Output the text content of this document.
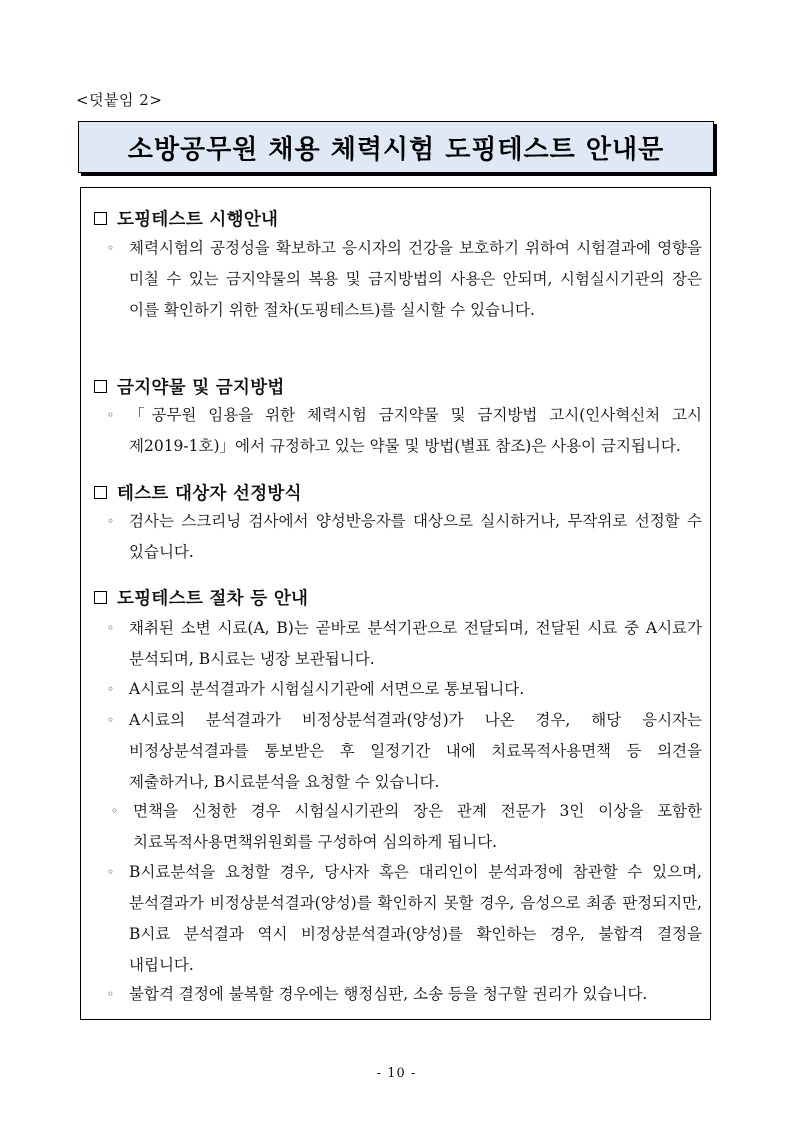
<덧붙임 2>
소방공무원 채용 체력시험 도핑테스트 안내문
도핑테스트 시행안내
◦ 체력시험의 공정성을 확보하고 응시자의 건강을 보호하기 위하여 시험결과에 영향을 미칠 수 있는 금지약물의 복용 및 금지방법의 사용은 안되며, 시험실시기관의 장은 이를 확인하기 위한 절차(도핑테스트)를 실시할 수 있습니다.
금지약물 및 금지방법
◦ 「공무원 임용을 위한 체력시험 금지약물 및 금지방법 고시(인사혁신처 고시 제2019-1호)」에서 규정하고 있는 약물 및 방법(별표 참조)은 사용이 금지됩니다.
테스트 대상자 선정방식
◦ 검사는 스크리닝 검사에서 양성반응자를 대상으로 실시하거나, 무작위로 선정할 수 있습니다.
도핑테스트 절차 등 안내
◦ 채취된 소변 시료(A, B)는 곧바로 분석기관으로 전달되며, 전달된 시료 중 A시료가 분석되며, B시료는 냉장 보관됩니다.
◦ A시료의 분석결과가 시험실시기관에 서면으로 통보됩니다.
◦ A시료의 분석결과가 비정상분석결과(양성)가 나온 경우, 해당 응시자는 비정상분석결과를 통보받은 후 일정기간 내에 치료목적사용면책 등 의견을 제출하거나, B시료분석을 요청할 수 있습니다.
◦ 면책을 신청한 경우 시험실시기관의 장은 관계 전문가 3인 이상을 포함한 치료목적사용면책위원회를 구성하여 심의하게 됩니다.
◦ B시료분석을 요청할 경우, 당사자 혹은 대리인이 분석과정에 참관할 수 있으며, 분석결과가 비정상분석결과(양성)를 확인하지 못할 경우, 음성으로 최종 판정되지만, B시료 분석결과 역시 비정상분석결과(양성)를 확인하는 경우, 불합격 결정을 내립니다.
◦ 불합격 결정에 불복할 경우에는 행정심판, 소송 등을 청구할 권리가 있습니다.
- 10 -
